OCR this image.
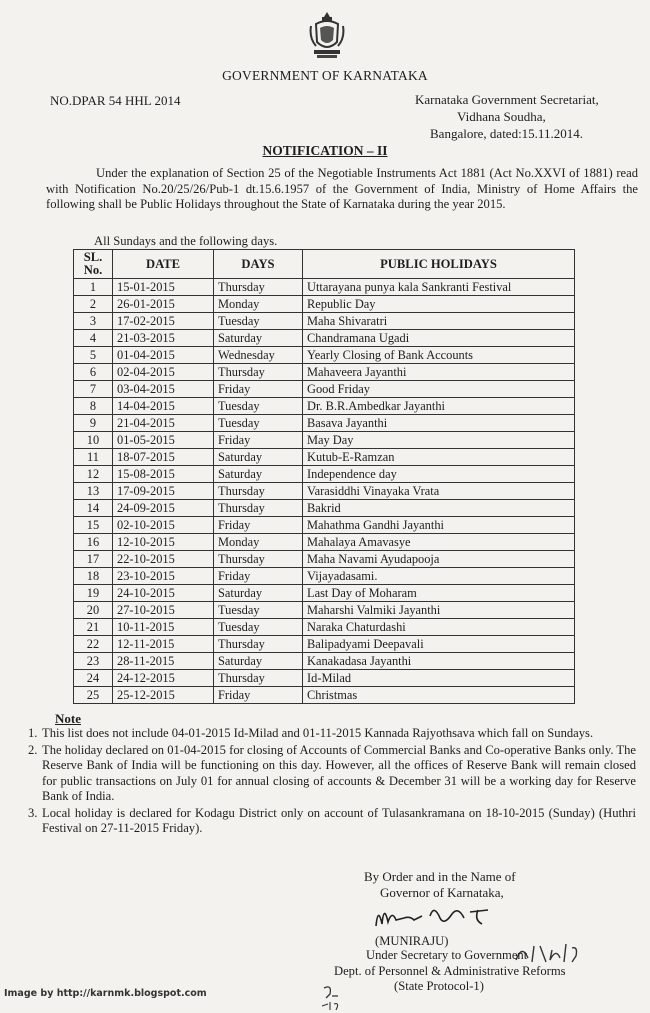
GOVERNMENT OF KARNATAKA
NO.DPAR 54 HHL 2014	Karnataka Government Secretariat,
Vidhana Soudha,
Bangalore, dated:15.11.2014.
NOTIFICATION – II
Under the explanation of Section 25 of the Negotiable Instruments Act 1881 (Act No.XXVI of 1881) read with Notification No.20/25/26/Pub-1 dt.15.6.1957 of the Government of India, Ministry of Home Affairs the following shall be Public Holidays throughout the State of Karnataka during the year 2015.
All Sundays and the following days.
SL. No.	DATE	DAYS	PUBLIC HOLIDAYS
1	15-01-2015	Thursday	Uttarayana punya kala Sankranti Festival
2	26-01-2015	Monday	Republic Day
3	17-02-2015	Tuesday	Maha Shivaratri
4	21-03-2015	Saturday	Chandramana Ugadi
5	01-04-2015	Wednesday	Yearly Closing of Bank Accounts
6	02-04-2015	Thursday	Mahaveera Jayanthi
7	03-04-2015	Friday	Good Friday
8	14-04-2015	Tuesday	Dr. B.R.Ambedkar Jayanthi
9	21-04-2015	Tuesday	Basava Jayanthi
10	01-05-2015	Friday	May Day
11	18-07-2015	Saturday	Kutub-E-Ramzan
12	15-08-2015	Saturday	Independence day
13	17-09-2015	Thursday	Varasiddhi Vinayaka Vrata
14	24-09-2015	Thursday	Bakrid
15	02-10-2015	Friday	Mahathma Gandhi Jayanthi
16	12-10-2015	Monday	Mahalaya Amavasye
17	22-10-2015	Thursday	Maha Navami Ayudapooja
18	23-10-2015	Friday	Vijayadasami.
19	24-10-2015	Saturday	Last Day of Moharam
20	27-10-2015	Tuesday	Maharshi Valmiki Jayanthi
21	10-11-2015	Tuesday	Naraka Chaturdashi
22	12-11-2015	Thursday	Balipadyami Deepavali
23	28-11-2015	Saturday	Kanakadasa Jayanthi
24	24-12-2015	Thursday	Id-Milad
25	25-12-2015	Friday	Christmas
Note
1. This list does not include 04-01-2015 Id-Milad and 01-11-2015 Kannada Rajyothsava which fall on Sundays.
2. The holiday declared on 01-04-2015 for closing of Accounts of Commercial Banks and Co-operative Banks only. The Reserve Bank of India will be functioning on this day. However, all the offices of Reserve Bank will remain closed for public transactions on July 01 for annual closing of accounts & December 31 will be a working day for Reserve Bank of India.
3. Local holiday is declared for Kodagu District only on account of Tulasankramana on 18-10-2015 (Sunday) (Huthri Festival on 27-11-2015 Friday).
By Order and in the Name of
Governor of Karnataka,
(MUNIRAJU)
Under Secretary to Government
Dept. of Personnel & Administrative Reforms
(State Protocol-1)
Image by http://karnmk.blogspot.com
